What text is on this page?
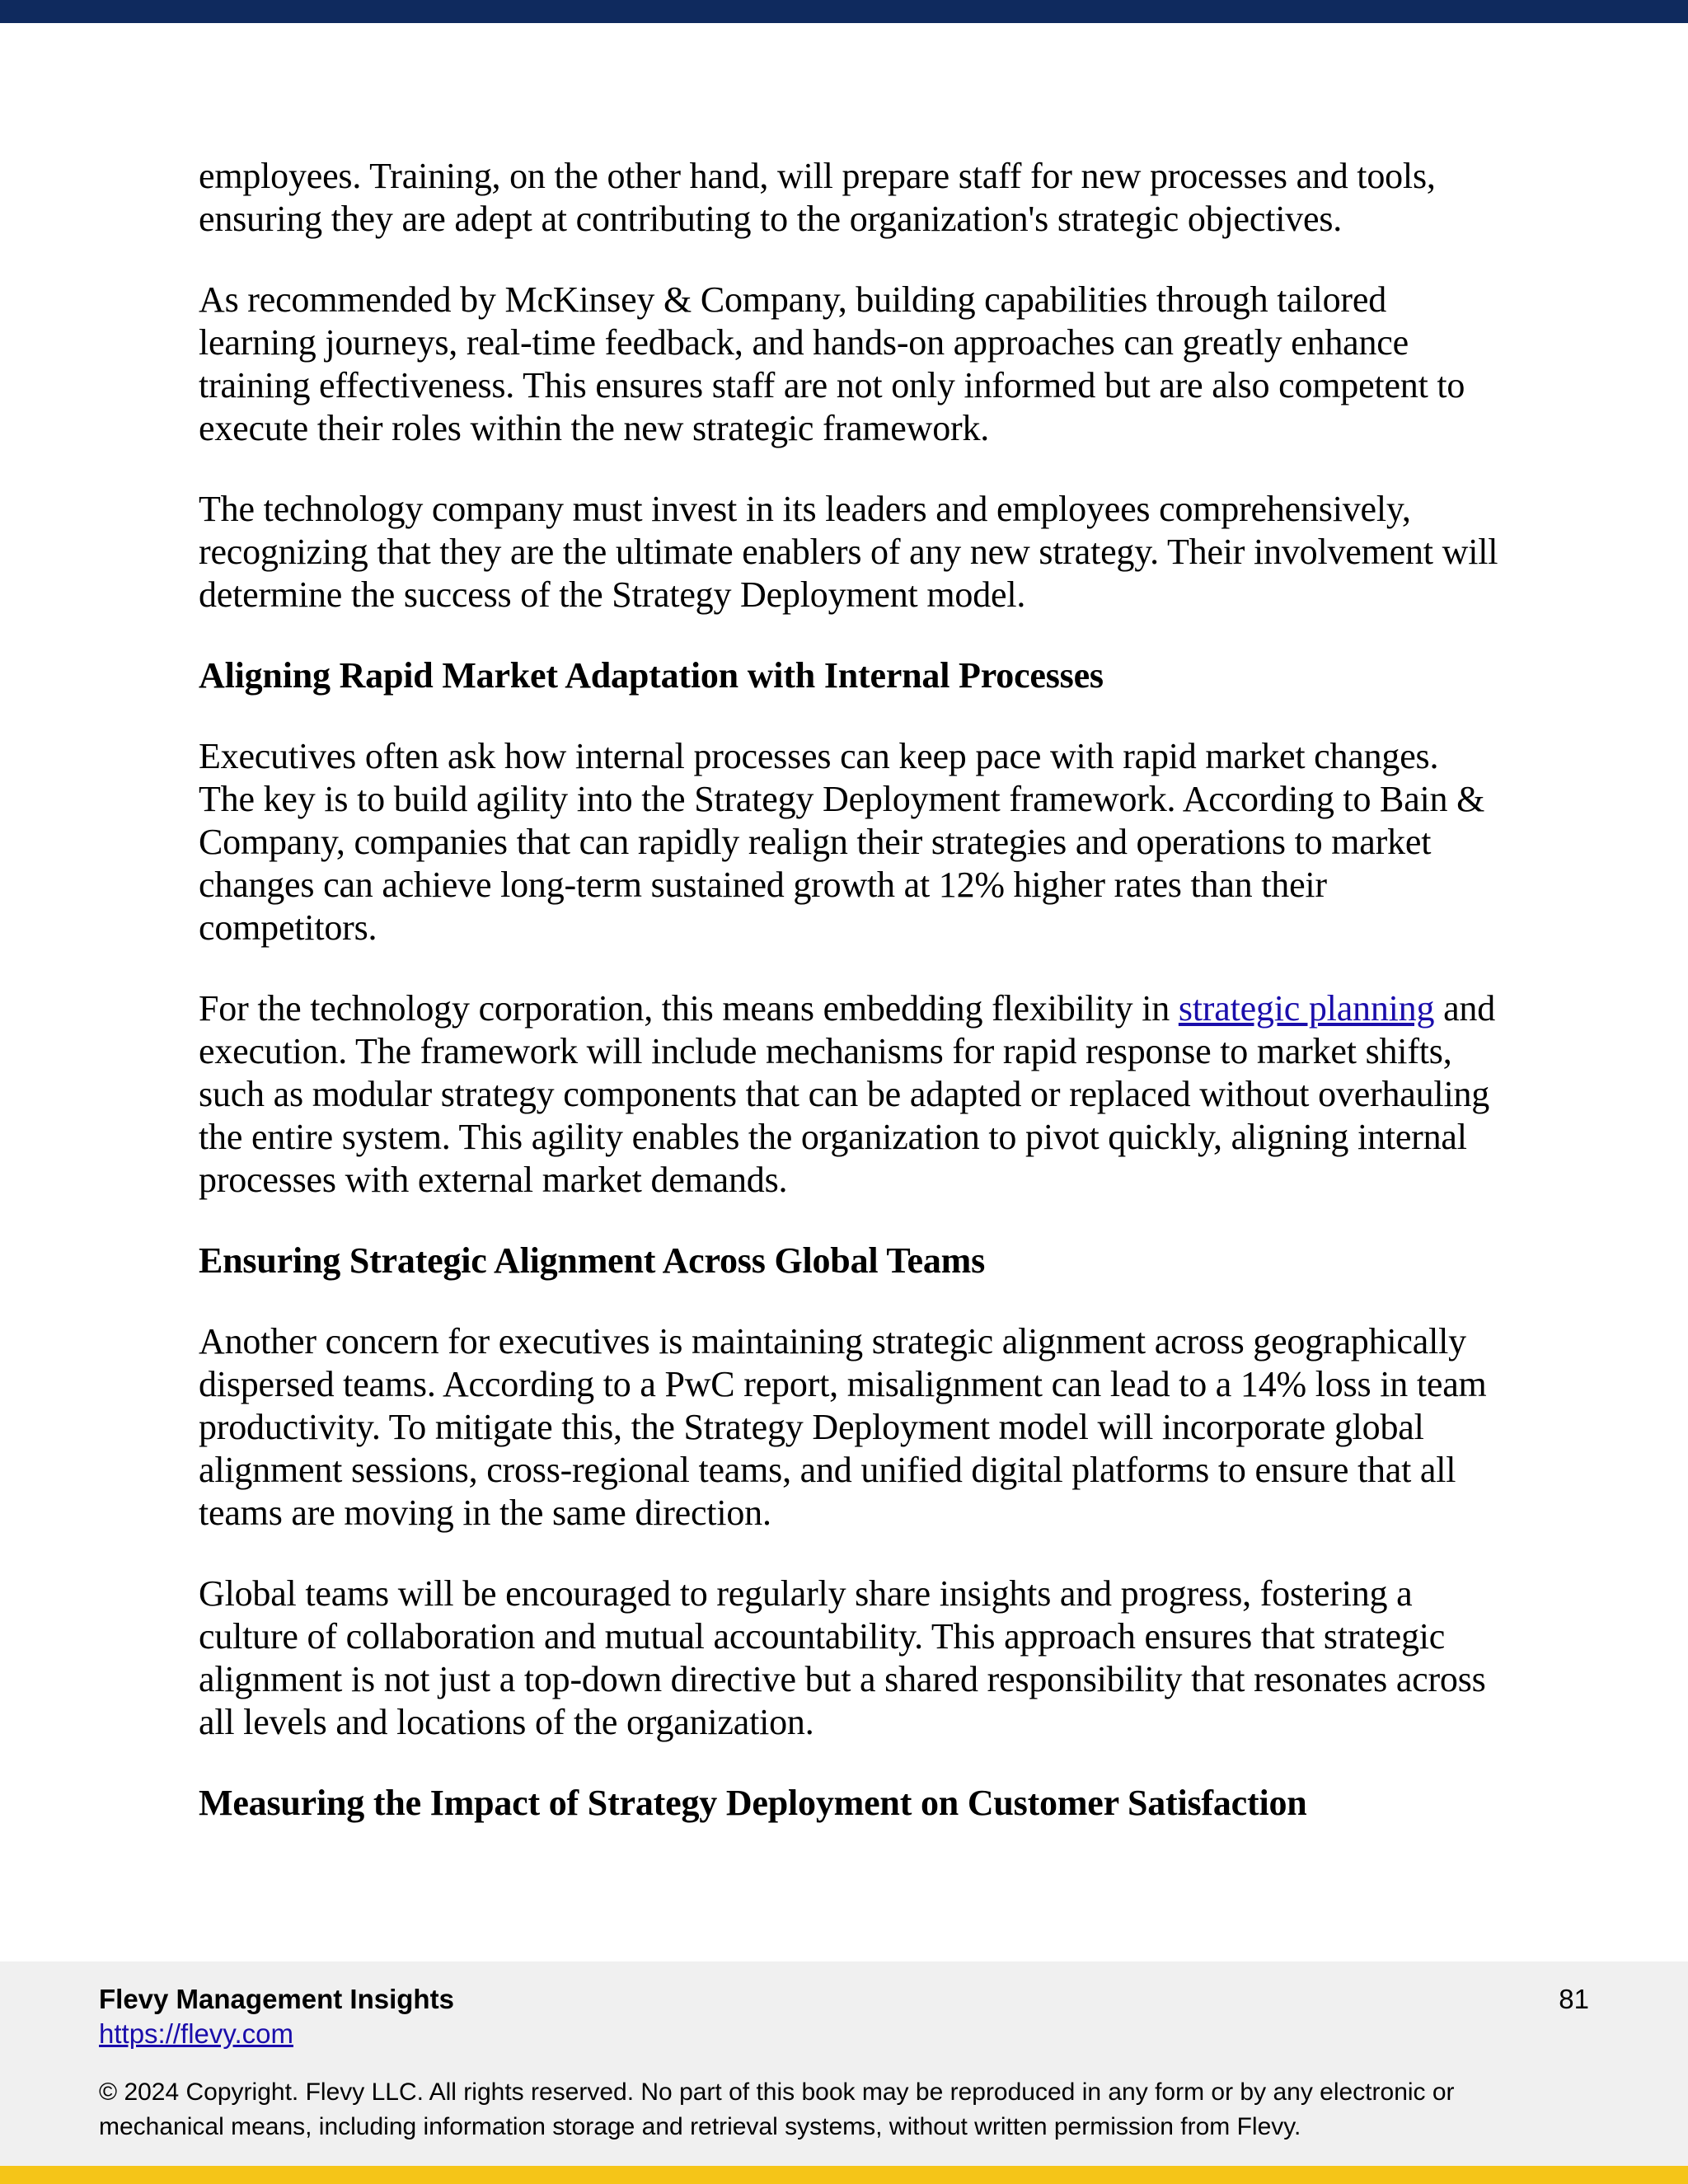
employees. Training, on the other hand, will prepare staff for new processes and tools, ensuring they are adept at contributing to the organization's strategic objectives.

As recommended by McKinsey & Company, building capabilities through tailored learning journeys, real-time feedback, and hands-on approaches can greatly enhance training effectiveness. This ensures staff are not only informed but are also competent to execute their roles within the new strategic framework.

The technology company must invest in its leaders and employees comprehensively, recognizing that they are the ultimate enablers of any new strategy. Their involvement will determine the success of the Strategy Deployment model.

Aligning Rapid Market Adaptation with Internal Processes

Executives often ask how internal processes can keep pace with rapid market changes. The key is to build agility into the Strategy Deployment framework. According to Bain & Company, companies that can rapidly realign their strategies and operations to market changes can achieve long-term sustained growth at 12% higher rates than their competitors.

For the technology corporation, this means embedding flexibility in strategic planning and execution. The framework will include mechanisms for rapid response to market shifts, such as modular strategy components that can be adapted or replaced without overhauling the entire system. This agility enables the organization to pivot quickly, aligning internal processes with external market demands.

Ensuring Strategic Alignment Across Global Teams

Another concern for executives is maintaining strategic alignment across geographically dispersed teams. According to a PwC report, misalignment can lead to a 14% loss in team productivity. To mitigate this, the Strategy Deployment model will incorporate global alignment sessions, cross-regional teams, and unified digital platforms to ensure that all teams are moving in the same direction.

Global teams will be encouraged to regularly share insights and progress, fostering a culture of collaboration and mutual accountability. This approach ensures that strategic alignment is not just a top-down directive but a shared responsibility that resonates across all levels and locations of the organization.

Measuring the Impact of Strategy Deployment on Customer Satisfaction
Flevy Management Insights
https://flevy.com
81
© 2024 Copyright. Flevy LLC. All rights reserved. No part of this book may be reproduced in any form or by any electronic or mechanical means, including information storage and retrieval systems, without written permission from Flevy.
